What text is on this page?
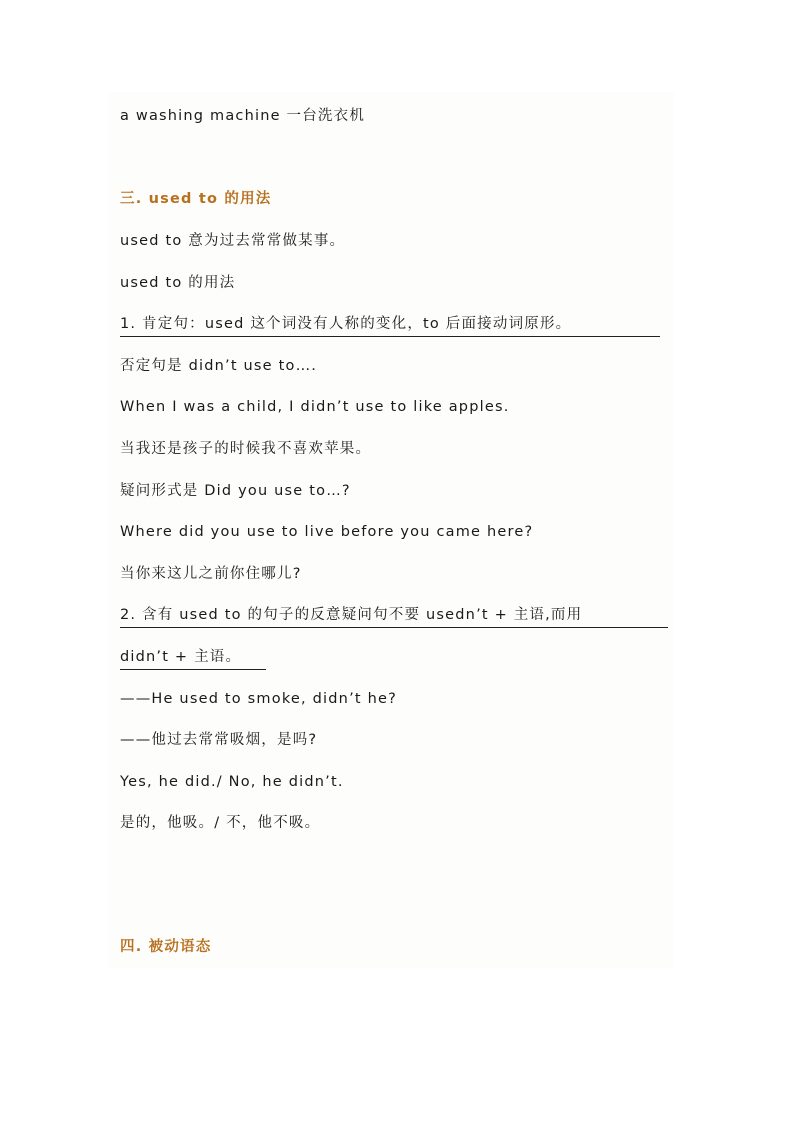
a washing machine 一台洗衣机
三. used to 的用法
used to 意为过去常常做某事。
used to 的用法
1. 肯定句：used 这个词没有人称的变化，to 后面接动词原形。
否定句是 didn’t use to….
When I was a child, I didn’t use to like apples.
当我还是孩子的时候我不喜欢苹果。
疑问形式是 Did you use to…?
Where did you use to live before you came here?
当你来这儿之前你住哪儿?
2. 含有 used to 的句子的反意疑问句不要 usedn’t + 主语,而用
didn’t + 主语。
——He used to smoke, didn’t he?
——他过去常常吸烟，是吗?
Yes, he did./ No, he didn’t.
是的，他吸。/ 不，他不吸。
四. 被动语态
